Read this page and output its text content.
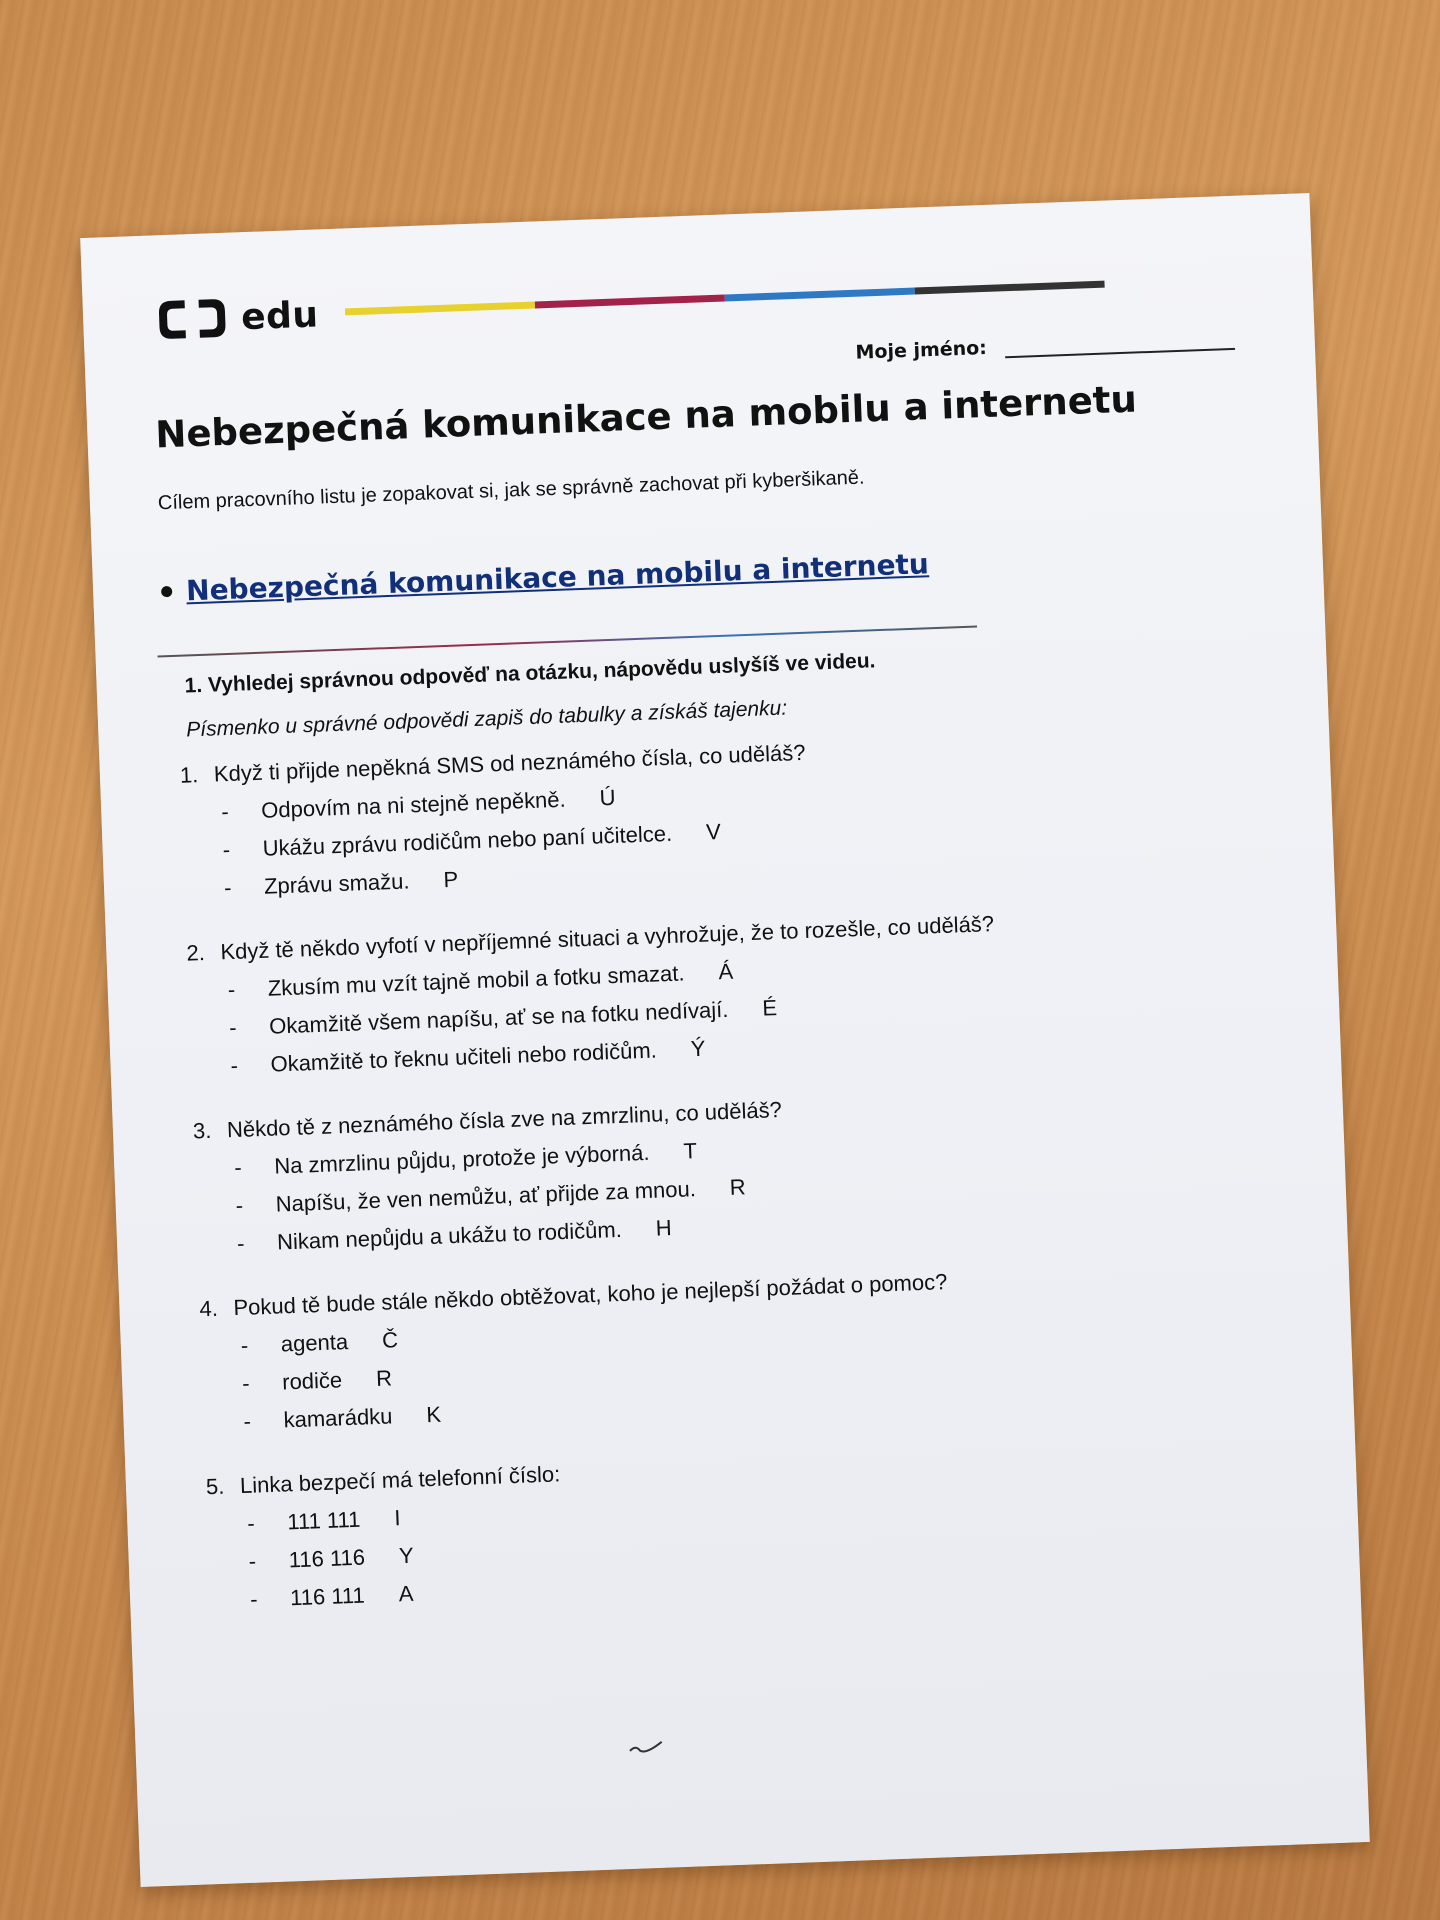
edu
Moje jméno:
Nebezpečná komunikace na mobilu a internetu
Cílem pracovního listu je zopakovat si, jak se správně zachovat při kyberšikaně.
Nebezpečná komunikace na mobilu a internetu
1. Vyhledej správnou odpověď na otázku, nápovědu uslyšíš ve videu.
Písmenko u správné odpovědi zapiš do tabulky a získáš tajenku:
1. Když ti přijde nepěkná SMS od neznámého čísla, co uděláš?
-	Odpovím na ni stejně nepěkně. Ú
-	Ukážu zprávu rodičům nebo paní učitelce. V
-	Zprávu smažu. P
2. Když tě někdo vyfotí v nepříjemné situaci a vyhrožuje, že to rozešle, co uděláš?
-	Zkusím mu vzít tajně mobil a fotku smazat. Á
-	Okamžitě všem napíšu, ať se na fotku nedívají. É
-	Okamžitě to řeknu učiteli nebo rodičům. Ý
3. Někdo tě z neznámého čísla zve na zmrzlinu, co uděláš?
-	Na zmrzlinu půjdu, protože je výborná. T
-	Napíšu, že ven nemůžu, ať přijde za mnou. R
-	Nikam nepůjdu a ukážu to rodičům. H
4. Pokud tě bude stále někdo obtěžovat, koho je nejlepší požádat o pomoc?
-	agenta Č
-	rodiče R
-	kamarádku K
5. Linka bezpečí má telefonní číslo:
-	111 111 I
-	116 116 Y
-	116 111 A
